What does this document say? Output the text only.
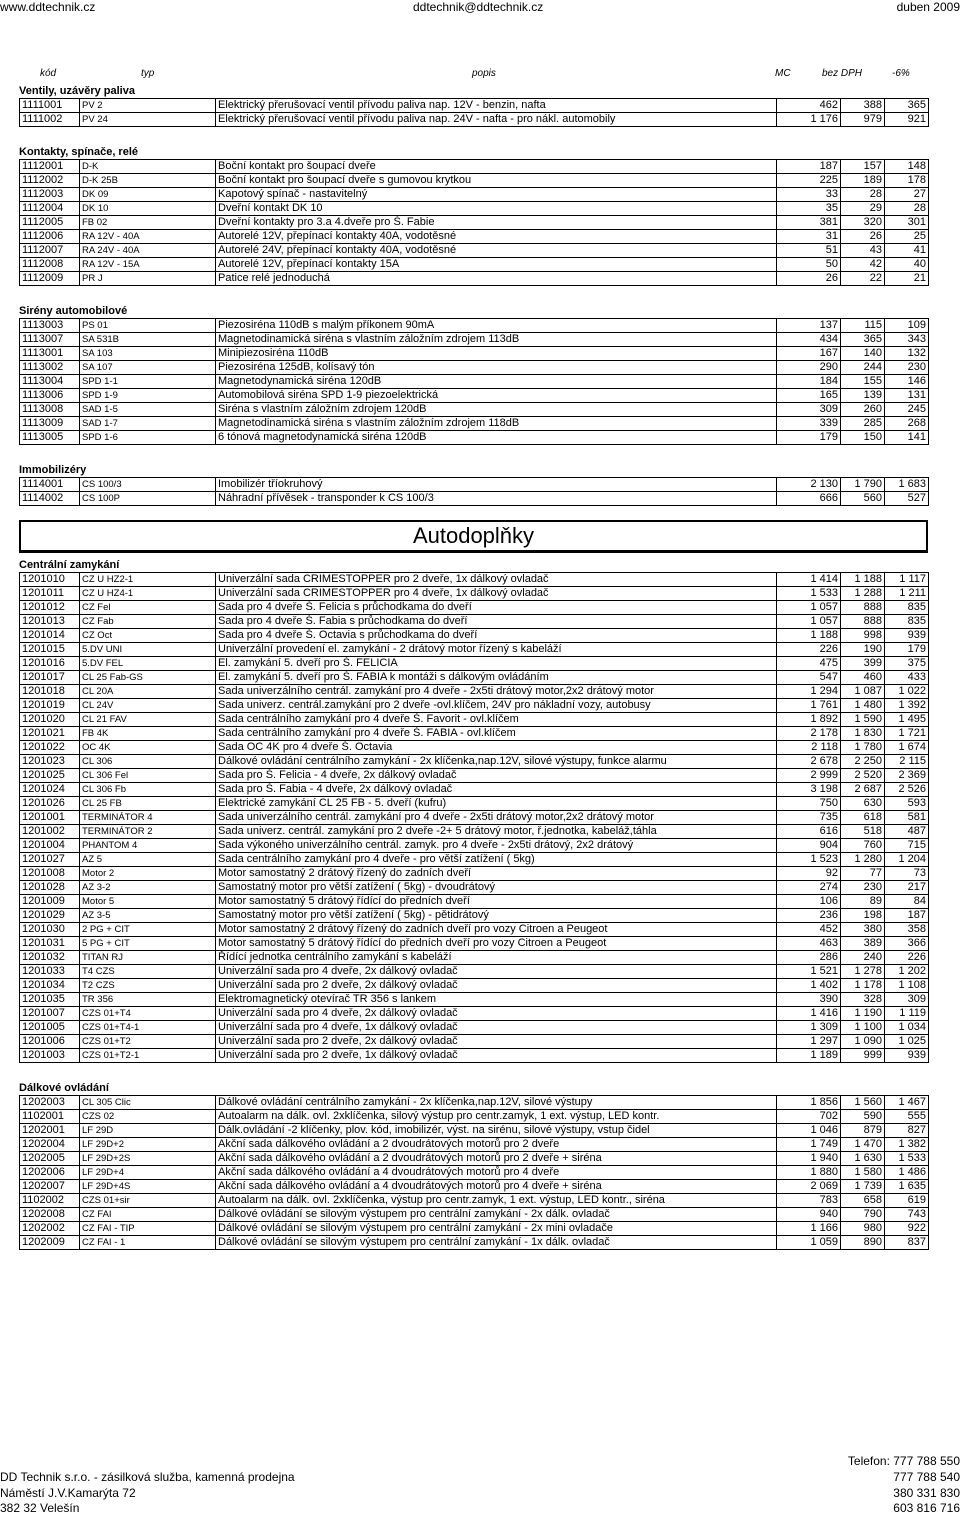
www.ddtechnik.cz	ddtechnik@ddtechnik.cz	duben 2009
kód	typ	popis	MC	bez DPH	-6%
Ventily, uzávěry paliva
1111001	PV 2	Elektrický přerušovací ventil přívodu paliva nap. 12V - benzin, nafta	462	388	365
1111002	PV 24	Elektrický přerušovací ventil přívodu paliva nap. 24V - nafta - pro nákl. automobily	1 176	979	921
Kontakty, spínače, relé
1112001	D-K	Boční kontakt pro šoupací dveře	187	157	148
1112002	D-K 25B	Boční kontakt pro šoupací dveře s gumovou krytkou	225	189	178
1112003	DK 09	Kapotový spínač - nastavitelný	33	28	27
1112004	DK 10	Dveřní kontakt DK 10	35	29	28
1112005	FB 02	Dveřní kontakty pro 3.a 4.dveře pro Š. Fabie	381	320	301
1112006	RA 12V - 40A	Autorelé 12V, přepínací kontakty 40A, vodotěsné	31	26	25
1112007	RA 24V - 40A	Autorelé 24V, přepínací kontakty 40A, vodotěsné	51	43	41
1112008	RA 12V - 15A	Autorelé 12V, přepínací kontakty 15A	50	42	40
1112009	PR J	Patice relé jednoduchá	26	22	21
Sirény automobilové
1113003	PS 01	Piezosiréna 110dB s malým příkonem 90mA	137	115	109
1113007	SA 531B	Magnetodinamická siréna s vlastním záložním zdrojem 113dB	434	365	343
1113001	SA 103	Minipiezosiréna 110dB	167	140	132
1113002	SA 107	Piezosiréna 125dB, kolísavý tón	290	244	230
1113004	SPD 1-1	Magnetodynamická siréna 120dB	184	155	146
1113006	SPD 1-9	Automobilová siréna SPD 1-9 piezoelektrická	165	139	131
1113008	SAD 1-5	Siréna s vlastním záložním zdrojem 120dB	309	260	245
1113009	SAD 1-7	Magnetodinamická siréna s vlastním záložním zdrojem 118dB	339	285	268
1113005	SPD 1-6	6 tónová magnetodynamická siréna 120dB	179	150	141
Immobilizéry
1114001	CS 100/3	Imobilizér tříokruhový	2 130	1 790	1 683
1114002	CS 100P	Náhradní přívěsek - transponder k CS 100/3	666	560	527
Autodoplňky
Centrální zamykání
1201010	CZ U HZ2-1	Univerzální sada CRIMESTOPPER pro 2 dveře, 1x dálkový ovladač	1 414	1 188	1 117
1201011	CZ U HZ4-1	Univerzální sada CRIMESTOPPER pro 4 dveře, 1x dálkový ovladač	1 533	1 288	1 211
1201012	CZ Fel	Sada pro 4 dveře Š. Felicia s průchodkama do dveří	1 057	888	835
1201013	CZ Fab	Sada pro 4 dveře Š. Fabia s průchodkama do dveří	1 057	888	835
1201014	CZ Oct	Sada pro 4 dveře Š. Octavia s průchodkama do dveří	1 188	998	939
1201015	5.DV UNI	Univerzální provedení el. zamykání - 2 drátový motor řízený s kabeláží	226	190	179
1201016	5.DV FEL	El. zamykání 5. dveří pro Š. FELICIA	475	399	375
1201017	CL 25 Fab-GS	El. zamykání 5. dveří pro Š. FABIA k montáži s dálkovým ovládáním	547	460	433
1201018	CL 20A	Sada univerzálního centrál. zamykání pro 4 dveře - 2x5ti drátový motor,2x2 drátový motor	1 294	1 087	1 022
1201019	CL 24V	Sada univerz. centrál.zamykání pro 2 dveře -ovl.klíčem, 24V pro nákladní vozy, autobusy	1 761	1 480	1 392
1201020	CL 21 FAV	Sada centrálního zamykání pro 4 dveře Š. Favorit - ovl.klíčem	1 892	1 590	1 495
1201021	FB 4K	Sada centrálního zamykání pro 4 dveře Š. FABIA - ovl.klíčem	2 178	1 830	1 721
1201022	OC 4K	Sada OC 4K pro 4 dveře Š. Octavia	2 118	1 780	1 674
1201023	CL 306	Dálkové ovládání centrálního zamykání - 2x klíčenka,nap.12V, silové výstupy, funkce alarmu	2 678	2 250	2 115
1201025	CL 306 Fel	Sada pro Š. Felicia - 4 dveře, 2x dálkový ovladač	2 999	2 520	2 369
1201024	CL 306 Fb	Sada pro Š. Fabia - 4 dveře, 2x dálkový ovladač	3 198	2 687	2 526
1201026	CL 25 FB	Elektrické zamykání CL 25 FB - 5. dveří (kufru)	750	630	593
1201001	TERMINÁTOR 4	Sada univerzálního centrál. zamykání pro 4 dveře - 2x5ti drátový motor,2x2 drátový motor	735	618	581
1201002	TERMINÁTOR 2	Sada univerz. centrál. zamykání pro 2 dveře -2+ 5 drátový motor, ř.jednotka, kabeláž,táhla	616	518	487
1201004	PHANTOM 4	Sada výkoného univerzálního centrál. zamyk. pro 4 dveře - 2x5ti drátový, 2x2 drátový	904	760	715
1201027	AZ 5	Sada centrálního zamykání pro 4 dveře - pro větší zatížení ( 5kg)	1 523	1 280	1 204
1201008	Motor 2	Motor samostatný 2 drátový řízený do zadních dveří	92	77	73
1201028	AZ 3-2	Samostatný motor pro větší zatížení ( 5kg) - dvoudrátový	274	230	217
1201009	Motor 5	Motor samostatný 5 drátový řídící do předních dveří	106	89	84
1201029	AZ 3-5	Samostatný motor pro větší zatížení ( 5kg) - pětidrátový	236	198	187
1201030	2 PG + CIT	Motor samostatný 2 drátový řízený do zadních dveří pro vozy Citroen a Peugeot	452	380	358
1201031	5 PG + CIT	Motor samostatný 5 drátový řídící do předních dveří pro vozy Citroen a Peugeot	463	389	366
1201032	TITAN RJ	Řídící jednotka centrálního zamykání s kabeláží	286	240	226
1201033	T4 CZS	Univerzální sada pro 4 dveře, 2x dálkový ovladač	1 521	1 278	1 202
1201034	T2 CZS	Univerzální sada pro 2 dveře, 2x dálkový ovladač	1 402	1 178	1 108
1201035	TR 356	Elektromagnetický otevírač TR 356 s lankem	390	328	309
1201007	CZS 01+T4	Univerzální sada pro 4 dveře, 2x dálkový ovladač	1 416	1 190	1 119
1201005	CZS 01+T4-1	Univerzální sada pro 4 dveře, 1x dálkový ovladač	1 309	1 100	1 034
1201006	CZS 01+T2	Univerzální sada pro 2 dveře, 2x dálkový ovladač	1 297	1 090	1 025
1201003	CZS 01+T2-1	Univerzální sada pro 2 dveře, 1x dálkový ovladač	1 189	999	939
Dálkové ovládání
1202003	CL 305 Clic	Dálkové ovládání centrálního zamykání - 2x klíčenka,nap.12V, silové výstupy	1 856	1 560	1 467
1102001	CZS 02	Autoalarm na dálk. ovl. 2xklíčenka, silový výstup pro centr.zamyk, 1 ext. výstup, LED kontr.	702	590	555
1202001	LF 29D	Dálk.ovládání -2 klíčenky, plov. kód, imobilizér, výst. na sirénu, silové výstupy, vstup čidel	1 046	879	827
1202004	LF 29D+2	Akční sada dálkového ovládání a 2 dvoudrátových motorů pro 2 dveře	1 749	1 470	1 382
1202005	LF 29D+2S	Akční sada dálkového ovládání a 2 dvoudrátových motorů pro 2 dveře + siréna	1 940	1 630	1 533
1202006	LF 29D+4	Akční sada dálkového ovládání a 4 dvoudrátových motorů pro 4 dveře	1 880	1 580	1 486
1202007	LF 29D+4S	Akční sada dálkového ovládání a 4 dvoudrátových motorů pro 4 dveře + siréna	2 069	1 739	1 635
1102002	CZS 01+sir	Autoalarm na dálk. ovl. 2xklíčenka, výstup pro centr.zamyk, 1 ext. výstup, LED kontr., siréna	783	658	619
1202008	CZ FAI	Dálkové ovládání se silovým výstupem pro centrální zamykání - 2x dálk. ovladač	940	790	743
1202002	CZ FAI - TIP	Dálkové ovládání se silovým výstupem pro centrální zamykání - 2x mini ovladače	1 166	980	922
1202009	CZ FAI - 1	Dálkové ovládání se silovým výstupem pro centrální zamykání - 1x dálk. ovladač	1 059	890	837
Telefon: 777 788 550
DD Technik s.r.o. - zásilková služba, kamenná prodejna	777 788 540
Náměstí J.V.Kamarýta 72	380 331 830
382 32 Velešín	603 816 716
